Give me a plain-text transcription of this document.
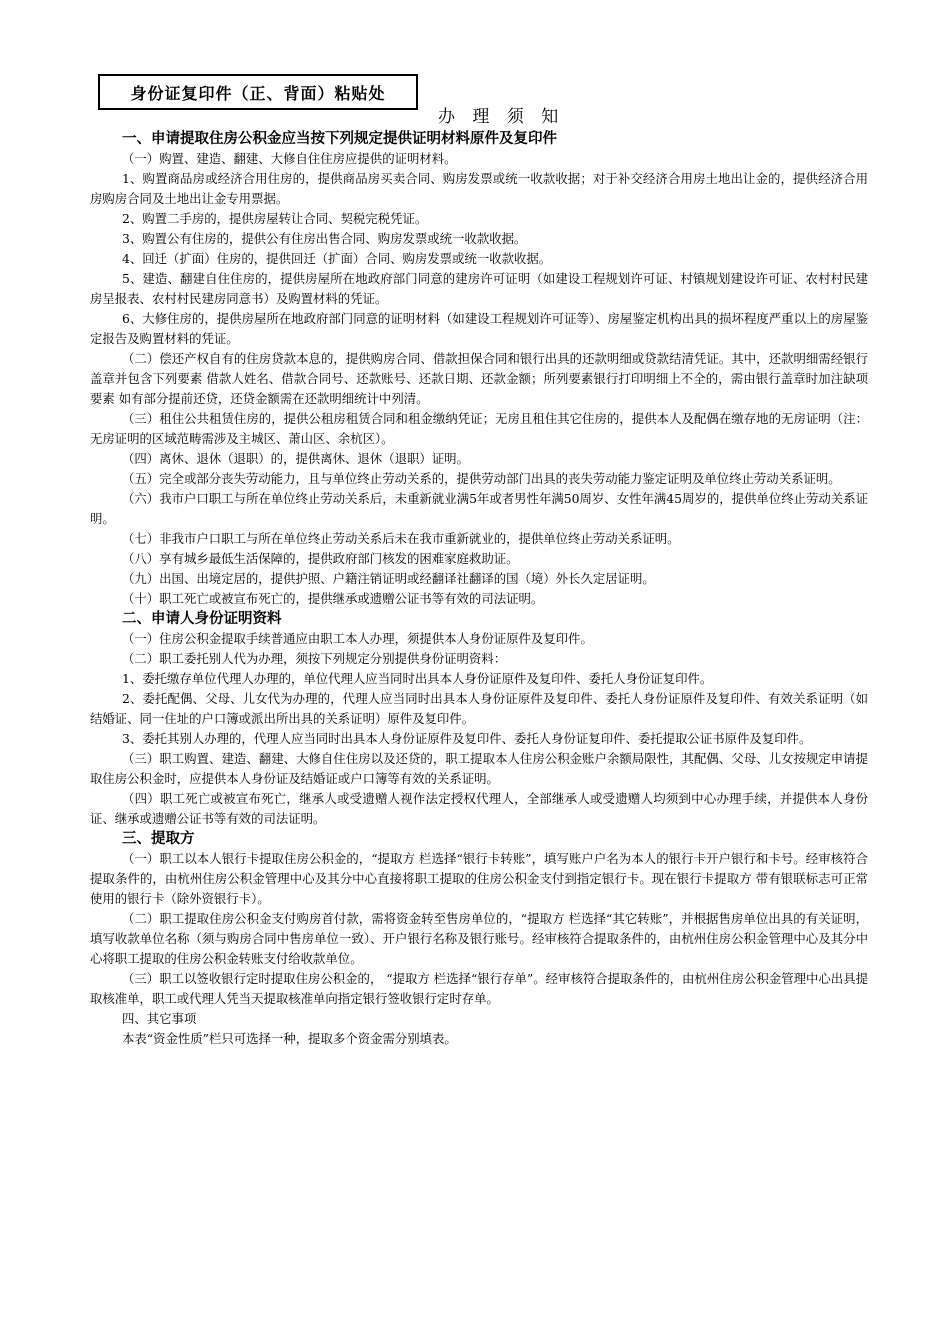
身份证复印件（正、背面）粘贴处
办 理 须 知
一、申请提取住房公积金应当按下列规定提供证明材料原件及复印件

（一）购置、建造、翻建、大修自住住房应提供的证明材料。

1、购置商品房或经济合用住房的，提供商品房买卖合同、购房发票或统一收款收据；对于补交经济合用房土地出让金的，提供经济合用房购房合同及土地出让金专用票据。

2、购置二手房的，提供房屋转让合同、契税完税凭证。

3、购置公有住房的，提供公有住房出售合同、购房发票或统一收款收据。

4、回迁（扩面）住房的，提供回迁（扩面）合同、购房发票或统一收款收据。

5、建造、翻建自住住房的，提供房屋所在地政府部门同意的建房许可证明（如建设工程规划许可证、村镇规划建设许可证、农村村民建房呈报表、农村村民建房同意书）及购置材料的凭证。

6、大修住房的，提供房屋所在地政府部门同意的证明材料（如建设工程规划许可证等）、房屋鉴定机构出具的损坏程度严重以上的房屋鉴定报告及购置材料的凭证。

（二）偿还产权自有的住房贷款本息的，提供购房合同、借款担保合同和银行出具的还款明细或贷款结清凭证。其中，还款明细需经银行盖章并包含下列要素 借款人姓名、借款合同号、还款账号、还款日期、还款金额；所列要素银行打印明细上不全的，需由银行盖章时加注缺项要素 如有部分提前还贷，还贷金额需在还款明细统计中列清。

（三）租住公共租赁住房的，提供公租房租赁合同和租金缴纳凭证；无房且租住其它住房的，提供本人及配偶在缴存地的无房证明（注：无房证明的区域范畴需涉及主城区、萧山区、余杭区）。

（四）离休、退休（退职）的，提供离休、退休（退职）证明。

（五）完全或部分丧失劳动能力，且与单位终止劳动关系的，提供劳动部门出具的丧失劳动能力鉴定证明及单位终止劳动关系证明。

（六）我市户口职工与所在单位终止劳动关系后，未重新就业满5年或者男性年满50周岁、女性年满45周岁的，提供单位终止劳动关系证明。

（七）非我市户口职工与所在单位终止劳动关系后未在我市重新就业的，提供单位终止劳动关系证明。

（八）享有城乡最低生活保障的，提供政府部门核发的困难家庭救助证。

（九）出国、出境定居的，提供护照、户籍注销证明或经翻译社翻译的国（境）外长久定居证明。

（十）职工死亡或被宣布死亡的，提供继承或遗赠公证书等有效的司法证明。

二、申请人身份证明资料

（一）住房公积金提取手续普通应由职工本人办理，须提供本人身份证原件及复印件。

（二）职工委托别人代为办理，须按下列规定分别提供身份证明资料：

1、委托缴存单位代理人办理的，单位代理人应当同时出具本人身份证原件及复印件、委托人身份证复印件。

2、委托配偶、父母、儿女代为办理的，代理人应当同时出具本人身份证原件及复印件、委托人身份证原件及复印件、有效关系证明（如结婚证、同一住址的户口簿或派出所出具的关系证明）原件及复印件。

3、委托其别人办理的，代理人应当同时出具本人身份证原件及复印件、委托人身份证复印件、委托提取公证书原件及复印件。

（三）职工购置、建造、翻建、大修自住住房以及还贷的，职工提取本人住房公积金账户余额局限性，其配偶、父母、儿女按规定申请提取住房公积金时，应提供本人身份证及结婚证或户口簿等有效的关系证明。

（四）职工死亡或被宣布死亡，继承人或受遗赠人视作法定授权代理人，全部继承人或受遗赠人均须到中心办理手续，并提供本人身份证、继承或遗赠公证书等有效的司法证明。

三、提取方

（一）职工以本人银行卡提取住房公积金的，“提取方 栏选择“银行卡转账”，填写账户户名为本人的银行卡开户银行和卡号。经审核符合提取条件的，由杭州住房公积金管理中心及其分中心直接将职工提取的住房公积金支付到指定银行卡。现在银行卡提取方 带有银联标志可正常使用的银行卡（除外资银行卡）。

（二）职工提取住房公积金支付购房首付款，需将资金转至售房单位的，“提取方 栏选择“其它转账”，并根据售房单位出具的有关证明，填写收款单位名称（须与购房合同中售房单位一致）、开户银行名称及银行账号。经审核符合提取条件的，由杭州住房公积金管理中心及其分中心将职工提取的住房公积金转账支付给收款单位。

（三）职工以签收银行定时提取住房公积金的， “提取方 栏选择“银行存单”。经审核符合提取条件的，由杭州住房公积金管理中心出具提取核准单，职工或代理人凭当天提取核准单向指定银行签收银行定时存单。

四、其它事项

本表“资金性质”栏只可选择一种，提取多个资金需分别填表。
